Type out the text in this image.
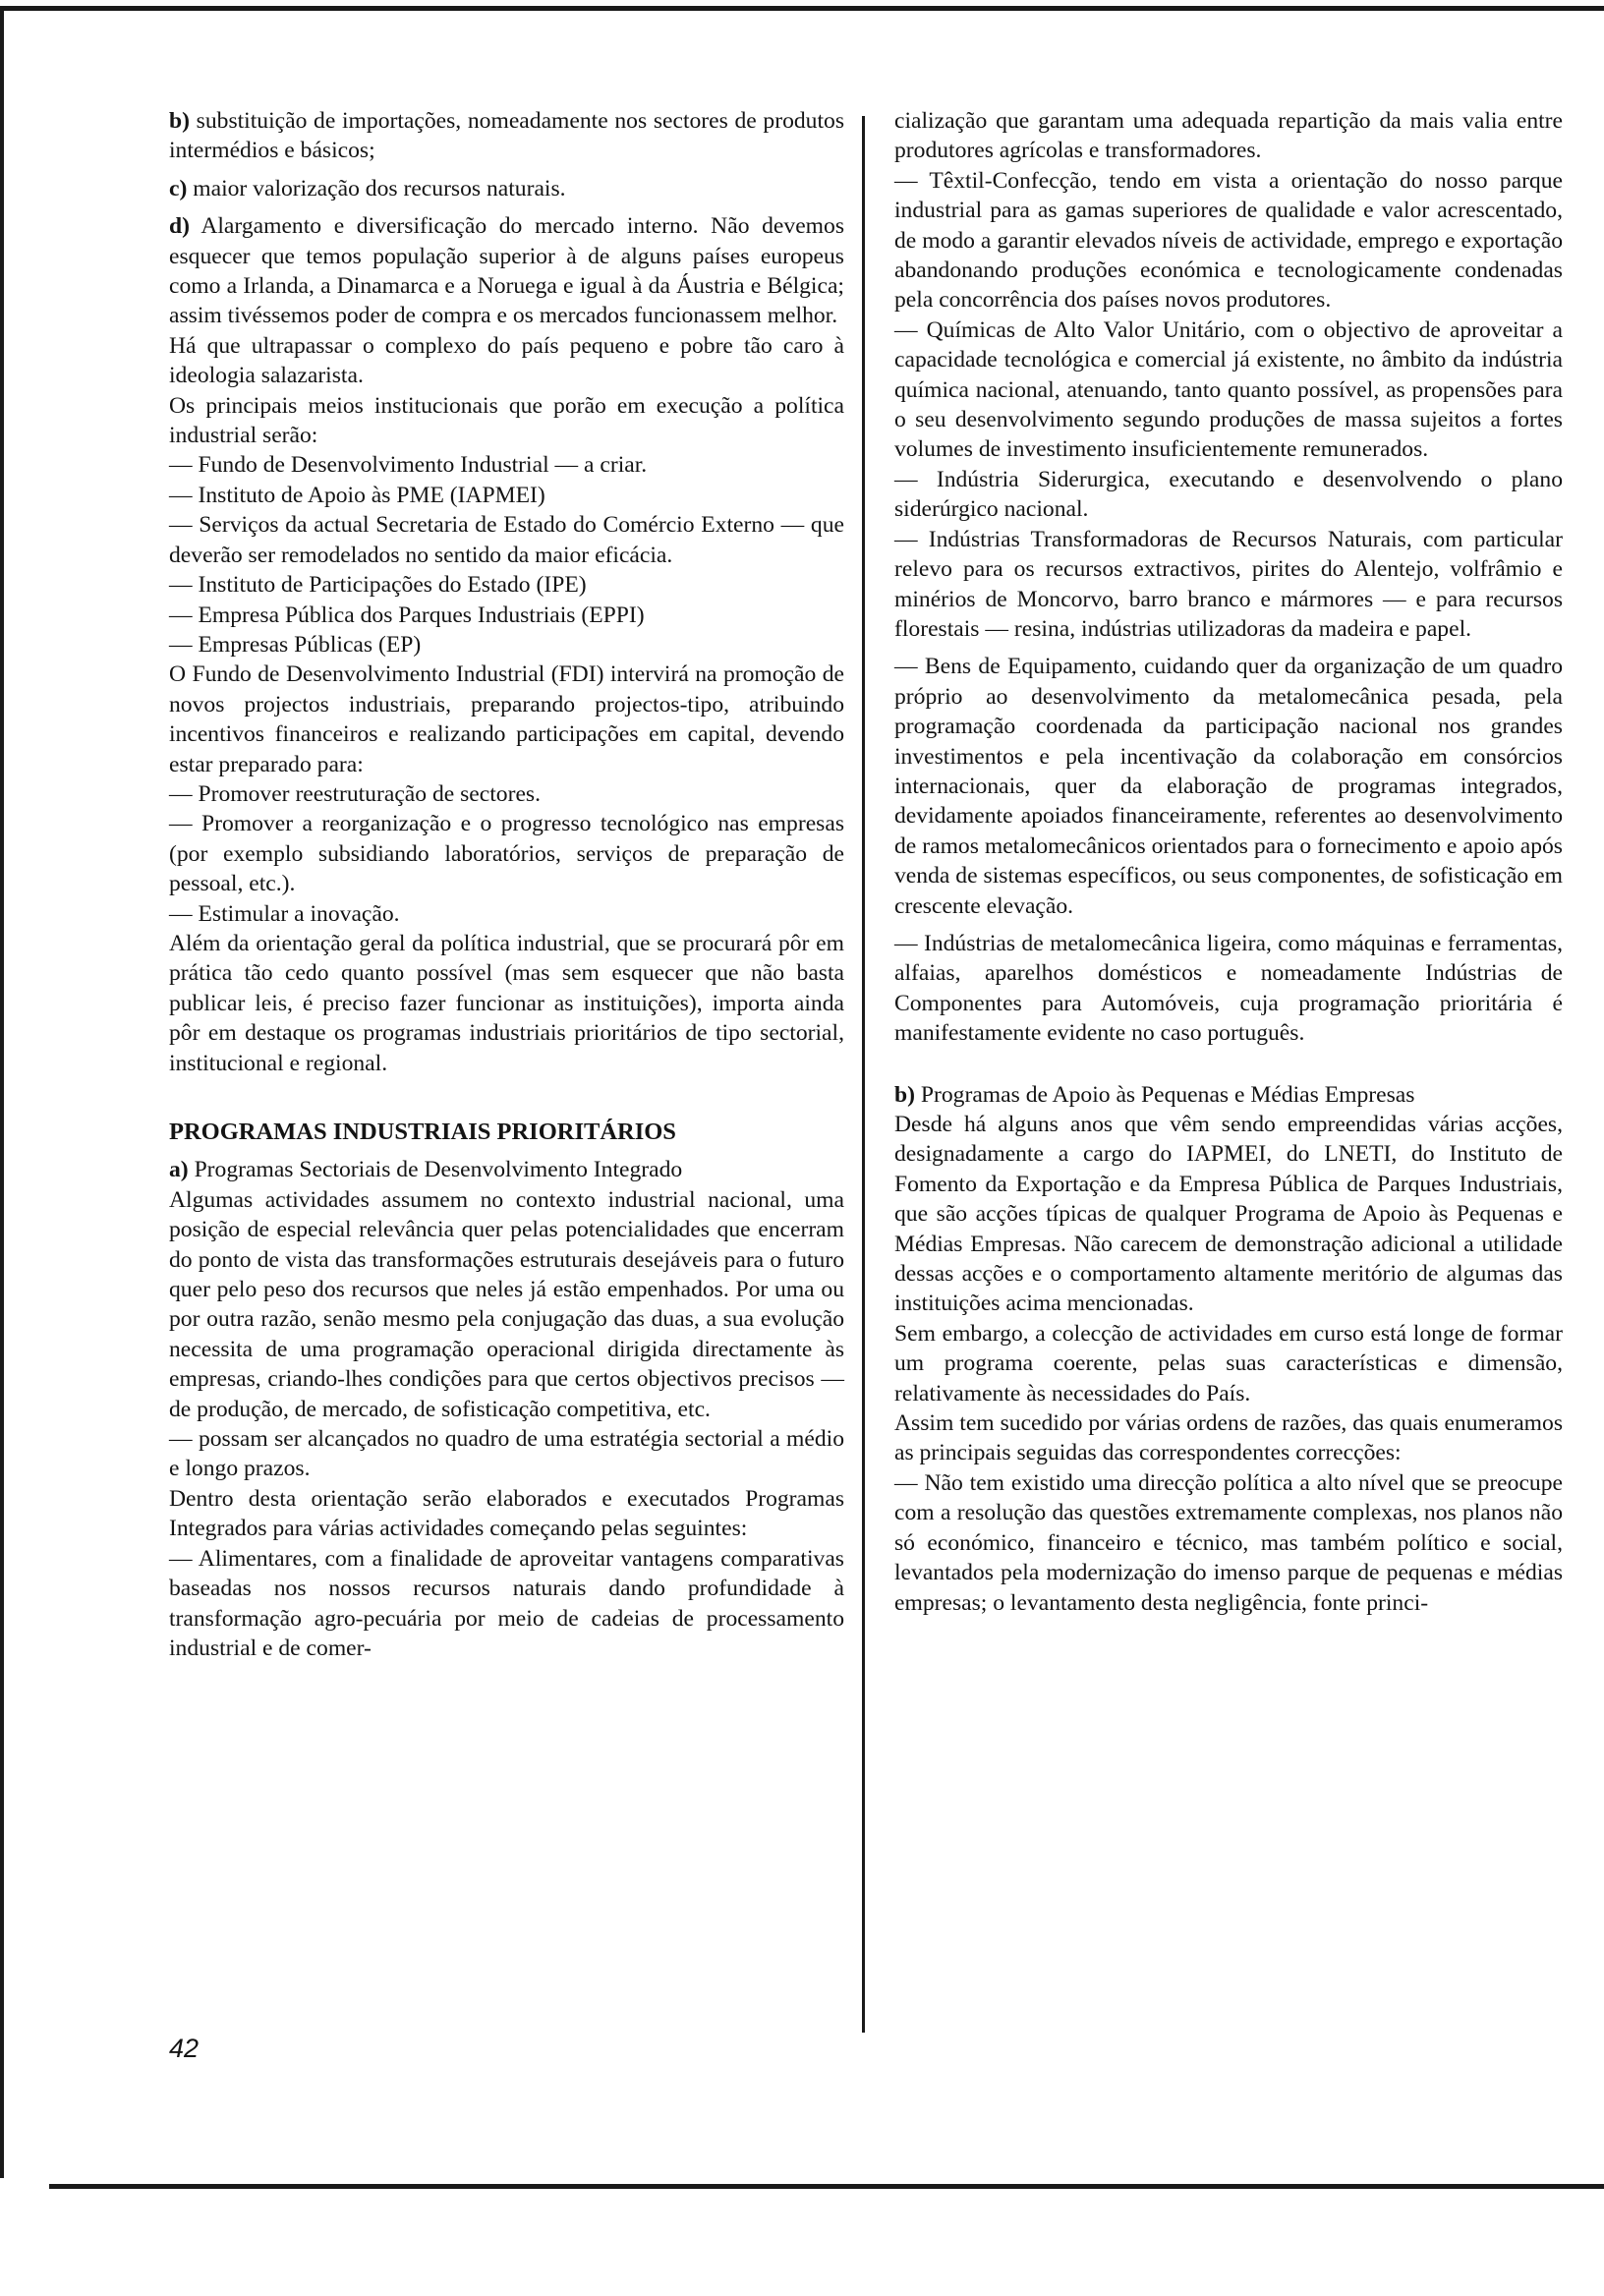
b) substituição de importações, nomeadamente nos sectores de produtos intermédios e básicos;

c) maior valorização dos recursos naturais.

d) Alargamento e diversificação do mercado interno. Não devemos esquecer que temos população superior à de alguns países europeus como a Irlanda, a Dinamarca e a Noruega e igual à da Áustria e Bélgica; assim tivéssemos poder de compra e os mercados funcionassem melhor.

Há que ultrapassar o complexo do país pequeno e pobre tão caro à ideologia salazarista.

Os principais meios institucionais que porão em execução a política industrial serão:

— Fundo de Desenvolvimento Industrial — a criar.

— Instituto de Apoio às PME (IAPMEI)

— Serviços da actual Secretaria de Estado do Comércio Externo — que deverão ser remodelados no sentido da maior eficácia.

— Instituto de Participações do Estado (IPE)

— Empresa Pública dos Parques Industriais (EPPI)

— Empresas Públicas (EP)

O Fundo de Desenvolvimento Industrial (FDI) intervirá na promoção de novos projectos industriais, preparando projectos-tipo, atribuindo incentivos financeiros e realizando participações em capital, devendo estar preparado para:

— Promover reestruturação de sectores.

— Promover a reorganização e o progresso tecnológico nas empresas (por exemplo subsidiando laboratórios, serviços de preparação de pessoal, etc.).

— Estimular a inovação.

Além da orientação geral da política industrial, que se procurará pôr em prática tão cedo quanto possível (mas sem esquecer que não basta publicar leis, é preciso fazer funcionar as instituições), importa ainda pôr em destaque os programas industriais prioritários de tipo sectorial, institucional e regional.

PROGRAMAS INDUSTRIAIS PRIORITÁRIOS

a) Programas Sectoriais de Desenvolvimento Integrado

Algumas actividades assumem no contexto industrial nacional, uma posição de especial relevância quer pelas potencialidades que encerram do ponto de vista das transformações estruturais desejáveis para o futuro quer pelo peso dos recursos que neles já estão empenhados. Por uma ou por outra razão, senão mesmo pela conjugação das duas, a sua evolução necessita de uma programação operacional dirigida directamente às empresas, criando-lhes condições para que certos objectivos precisos — de produção, de mercado, de sofisticação competitiva, etc.

— possam ser alcançados no quadro de uma estratégia sectorial a médio e longo prazos.

Dentro desta orientação serão elaborados e executados Programas Integrados para várias actividades começando pelas seguintes:

— Alimentares, com a finalidade de aproveitar vantagens comparativas baseadas nos nossos recursos naturais dando profundidade à transformação agro-pecuária por meio de cadeias de processamento industrial e de comer-

cialização que garantam uma adequada repartição da mais valia entre produtores agrícolas e transformadores.

— Têxtil-Confecção, tendo em vista a orientação do nosso parque industrial para as gamas superiores de qualidade e valor acrescentado, de modo a garantir elevados níveis de actividade, emprego e exportação abandonando produções económica e tecnologicamente condenadas pela concorrência dos países novos produtores.

— Químicas de Alto Valor Unitário, com o objectivo de aproveitar a capacidade tecnológica e comercial já existente, no âmbito da indústria química nacional, atenuando, tanto quanto possível, as propensões para o seu desenvolvimento segundo produções de massa sujeitos a fortes volumes de investimento insuficientemente remunerados.

— Indústria Siderurgica, executando e desenvolvendo o plano siderúrgico nacional.

— Indústrias Transformadoras de Recursos Naturais, com particular relevo para os recursos extractivos, pirites do Alentejo, volfrâmio e minérios de Moncorvo, barro branco e mármores — e para recursos florestais — resina, indústrias utilizadoras da madeira e papel.

— Bens de Equipamento, cuidando quer da organização de um quadro próprio ao desenvolvimento da metalomecânica pesada, pela programação coordenada da participação nacional nos grandes investimentos e pela incentivação da colaboração em consórcios internacionais, quer da elaboração de programas integrados, devidamente apoiados financeiramente, referentes ao desenvolvimento de ramos metalomecânicos orientados para o fornecimento e apoio após venda de sistemas específicos, ou seus componentes, de sofisticação em crescente elevação.

— Indústrias de metalomecânica ligeira, como máquinas e ferramentas, alfaias, aparelhos domésticos e nomeadamente Indústrias de Componentes para Automóveis, cuja programação prioritária é manifestamente evidente no caso português.

b) Programas de Apoio às Pequenas e Médias Empresas

Desde há alguns anos que vêm sendo empreendidas várias acções, designadamente a cargo do IAPMEI, do LNETI, do Instituto de Fomento da Exportação e da Empresa Pública de Parques Industriais, que são acções típicas de qualquer Programa de Apoio às Pequenas e Médias Empresas. Não carecem de demonstração adicional a utilidade dessas acções e o comportamento altamente meritório de algumas das instituições acima mencionadas.

Sem embargo, a colecção de actividades em curso está longe de formar um programa coerente, pelas suas características e dimensão, relativamente às necessidades do País.

Assim tem sucedido por várias ordens de razões, das quais enumeramos as principais seguidas das correspondentes correcções:

— Não tem existido uma direcção política a alto nível que se preocupe com a resolução das questões extremamente complexas, nos planos não só económico, financeiro e técnico, mas também político e social, levantados pela modernização do imenso parque de pequenas e médias empresas; o levantamento desta negligência, fonte princi-

42
